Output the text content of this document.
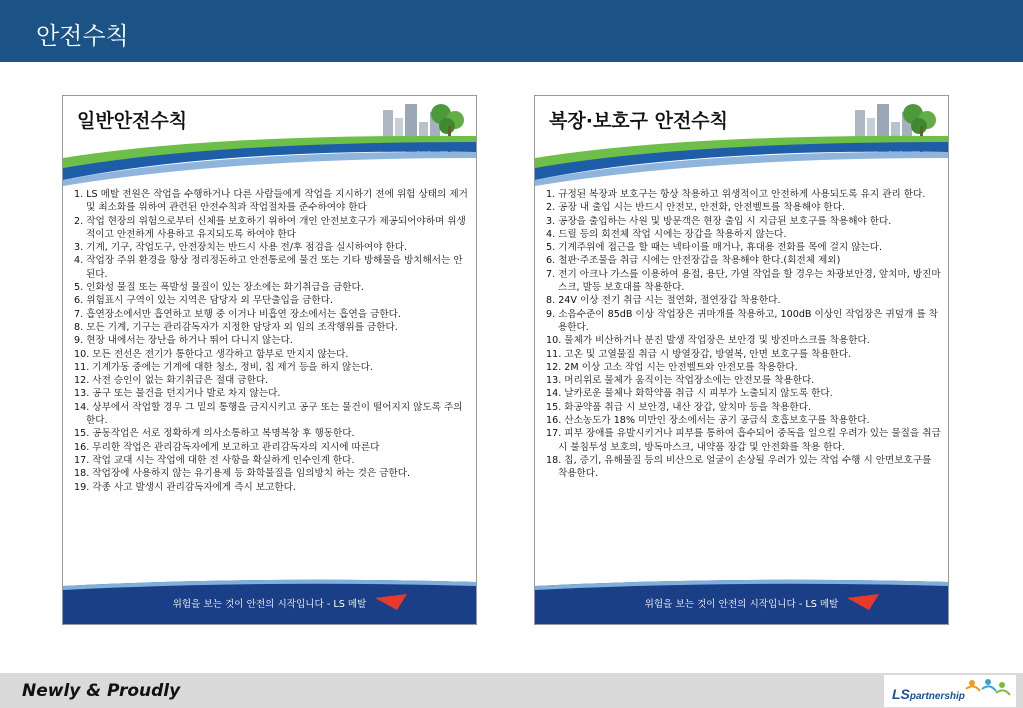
안전수칙
일반안전수칙
1. LS 메탈 전원은 작업을 수행하거나 다른 사람들에게 작업을 지시하기 전에 위험 상태의 제거 및 최소화를 위하여 관련된 안전수칙과 작업절차를 준수하여야 한다
2. 작업 현장의 위험으로부터 신체를 보호하기 위하여 개인 안전보호구가 제공되어야하며 위생적이고 안전하게 사용하고 유지되도록 하여야 한다
3. 기계, 기구, 작업도구, 안전장치는 반드시 사용 전/후 점검을 실시하여야 한다.
4. 작업장 주위 환경을 항상 정리정돈하고 안전통로에 물건 또는 기타 방해물을 방치해서는 안 된다.
5. 인화성 물질 또는 폭발성 물질이 있는 장소에는 화기취급을 금한다.
6. 위험표시 구역이 있는 지역은 담당자 외 무단출입을 금한다.
7. 흡연장소에서만 흡연하고 보행 중 이거나 비흡연 장소에서는 흡연을 금한다.
8. 모든 기계, 기구는 관리감독자가 지정한 담당자 외 임의 조작행위를 금한다.
9. 현장 내에서는 장난을 하거나 뛰어 다니지 않는다.
10. 모든 전선은 전기가 통한다고 생각하고 함부로 만지지 않는다.
11. 기계가동 중에는 기계에 대한 청소, 정비, 칩 제거 등을 하지 않는다.
12. 사전 승인이 없는 화기취급은 절대 금한다.
13. 공구 또는 물건을 던지거나 발로 차지 않는다.
14. 상부에서 작업할 경우 그 밑의 통행을 금지시키고 공구 또는 물건이 떨어지지 않도록 주의한다.
15. 공동작업은 서로 정확하게 의사소통하고 복명복창 후 행동한다.
16. 무리한 작업은 관리감독자에게 보고하고 관리감독자의 지시에 따른다
17. 작업 교대 시는 작업에 대한 전 사항을 확실하게 인수인계 한다.
18. 작업장에 사용하지 않는 유기용제 등 화학물질을 임의방치 하는 것은 금한다.
19. 각종 사고 발생시 관리감독자에게 즉시 보고한다.
위험을 보는 것이 안전의 시작입니다 - LS 메탈
복장·보호구 안전수칙
1. 규정된 복장과 보호구는 항상 착용하고 위생적이고 안전하게 사용되도록 유지 관리 한다.
2. 공장 내 출입 시는 반드시 안전모, 안전화, 안전벨트를 착용해야 한다.
3. 공장을 출입하는 사원 및 방문객은 현장 출입 시 지급된 보호구를 착용해야 한다.
4. 드릴 등의 회전체 작업 시에는 장갑을 착용하지 않는다.
5. 기계주위에 접근을 할 때는 넥타이를 매거나, 휴대용 전화를 목에 걸지 않는다.
6. 철판·주조물을 취급 시에는 안전장갑을 착용해야 한다.(회전체 제외)
7. 전기 아크나 가스를 이용하여 용접, 용단, 가열 작업을 할 경우는 차광보안경, 앞치마, 방진마스크, 발등 보호대를 착용한다.
8. 24V 이상 전기 취급 시는 절연화, 절연장갑 착용한다.
9. 소음수준이 85dB 이상 작업장은 귀마개를 착용하고, 100dB 이상인 작업장은 귀덮개 를 착용한다.
10. 물체가 비산하거나 분진 발생 작업장은 보안경 및 방진마스크를 착용한다.
11. 고온 및 고열물질 취급 시 방열장갑, 방열복, 안면 보호구를 착용한다.
12. 2M 이상 고소 작업 시는 안전벨트와 안전모를 착용한다.
13. 머리위로 물체가 움직이는 작업장소에는 안전모를 착용한다.
14. 날카로운 물체나 화학약품 취급 시 피부가 노출되지 않도록 한다.
15. 화공약품 취급 시 보안경, 내산 장갑, 앞치마 등을 착용한다.
16. 산소농도가 18% 미만인 장소에서는 공기 공급식 호흡보호구를 착용한다.
17. 피부 장애를 유발시키거나 피부를 통하여 흡수되어 중독을 일으킬 우려가 있는 물질을 취급 시 불침투성 보호의, 방독마스크, 내약품 장갑 및 안전화를 착용 한다.
18. 칩, 증기, 유해물질 등의 비산으로 얼굴이 손상될 우려가 있는 작업 수행 시 안면보호구를 착용한다.
위험을 보는 것이 안전의 시작입니다 - LS 메탈
Newly & Proudly	LSpartnership
